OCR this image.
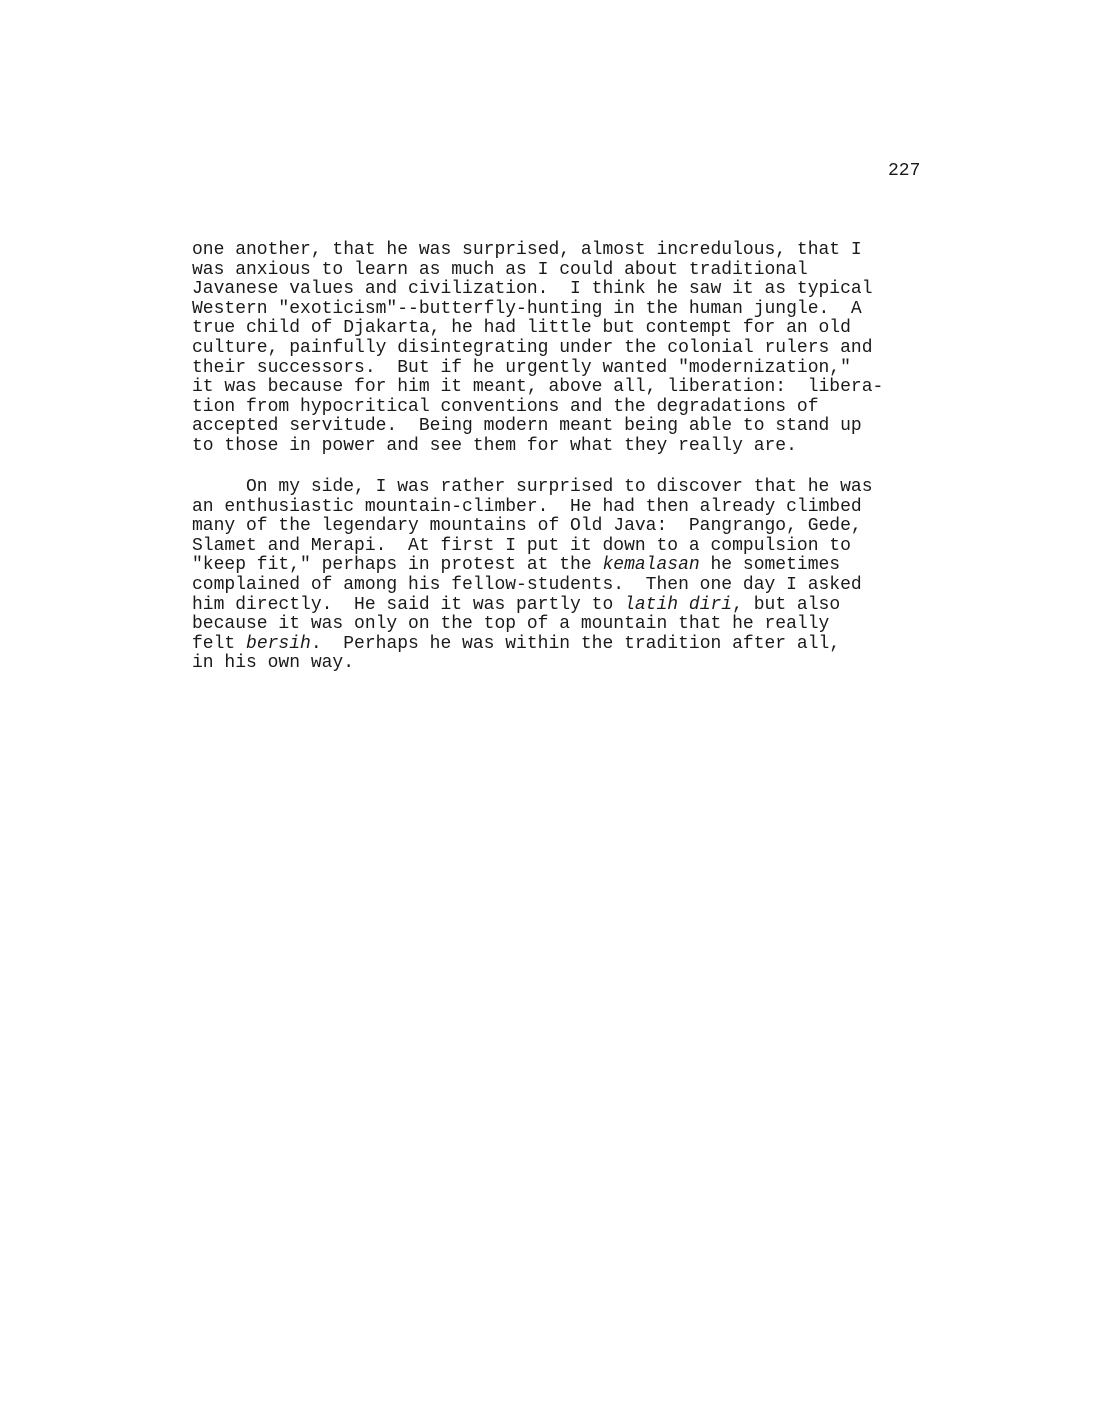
227

one another, that he was surprised, almost incredulous, that I
was anxious to learn as much as I could about traditional
Javanese values and civilization.  I think he saw it as typical
Western "exoticism"--butterfly-hunting in the human jungle.  A
true child of Djakarta, he had little but contempt for an old
culture, painfully disintegrating under the colonial rulers and
their successors.  But if he urgently wanted "modernization,"
it was because for him it meant, above all, liberation:  libera-
tion from hypocritical conventions and the degradations of
accepted servitude.  Being modern meant being able to stand up
to those in power and see them for what they really are.
On my side, I was rather surprised to discover that he was
an enthusiastic mountain-climber.  He had then already climbed
many of the legendary mountains of Old Java:  Pangrango, Gede,
Slamet and Merapi.  At first I put it down to a compulsion to
"keep fit," perhaps in protest at the kemalasan he sometimes
complained of among his fellow-students.  Then one day I asked
him directly.  He said it was partly to latih diri, but also
because it was only on the top of a mountain that he really
felt bersih.  Perhaps he was within the tradition after all,
in his own way.
